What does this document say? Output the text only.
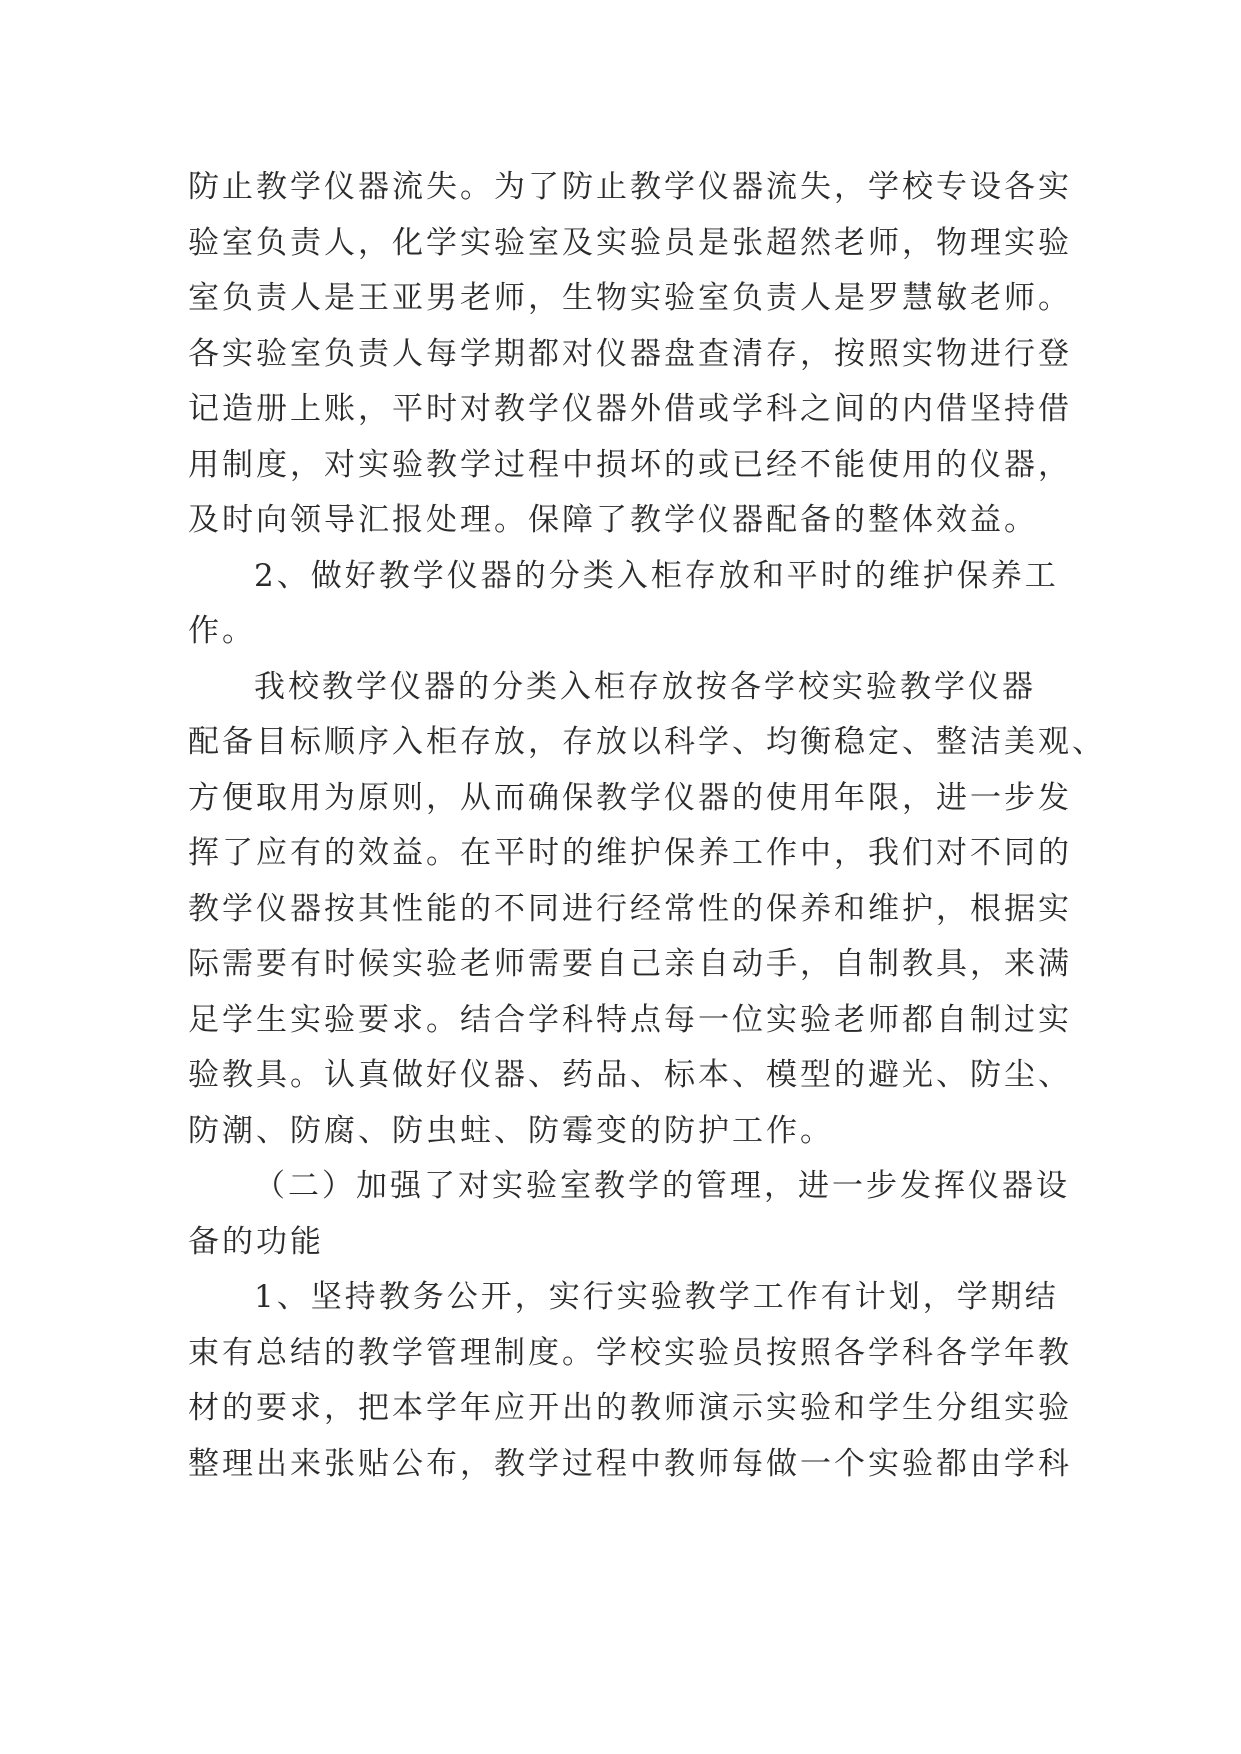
防止教学仪器流失。为了防止教学仪器流失，学校专设各实
验室负责人，化学实验室及实验员是张超然老师，物理实验
室负责人是王亚男老师，生物实验室负责人是罗慧敏老师。
各实验室负责人每学期都对仪器盘查清存，按照实物进行登
记造册上账，平时对教学仪器外借或学科之间的内借坚持借
用制度，对实验教学过程中损坏的或已经不能使用的仪器，
及时向领导汇报处理。保障了教学仪器配备的整体效益。
2、做好教学仪器的分类入柜存放和平时的维护保养工
作。
我校教学仪器的分类入柜存放按各学校实验教学仪器
配备目标顺序入柜存放，存放以科学、均衡稳定、整洁美观、
方便取用为原则，从而确保教学仪器的使用年限，进一步发
挥了应有的效益。在平时的维护保养工作中，我们对不同的
教学仪器按其性能的不同进行经常性的保养和维护，根据实
际需要有时候实验老师需要自己亲自动手，自制教具，来满
足学生实验要求。结合学科特点每一位实验老师都自制过实
验教具。认真做好仪器、药品、标本、模型的避光、防尘、
防潮、防腐、防虫蛀、防霉变的防护工作。
（二）加强了对实验室教学的管理，进一步发挥仪器设
备的功能
1、坚持教务公开，实行实验教学工作有计划，学期结
束有总结的教学管理制度。学校实验员按照各学科各学年教
材的要求，把本学年应开出的教师演示实验和学生分组实验
整理出来张贴公布，教学过程中教师每做一个实验都由学科
